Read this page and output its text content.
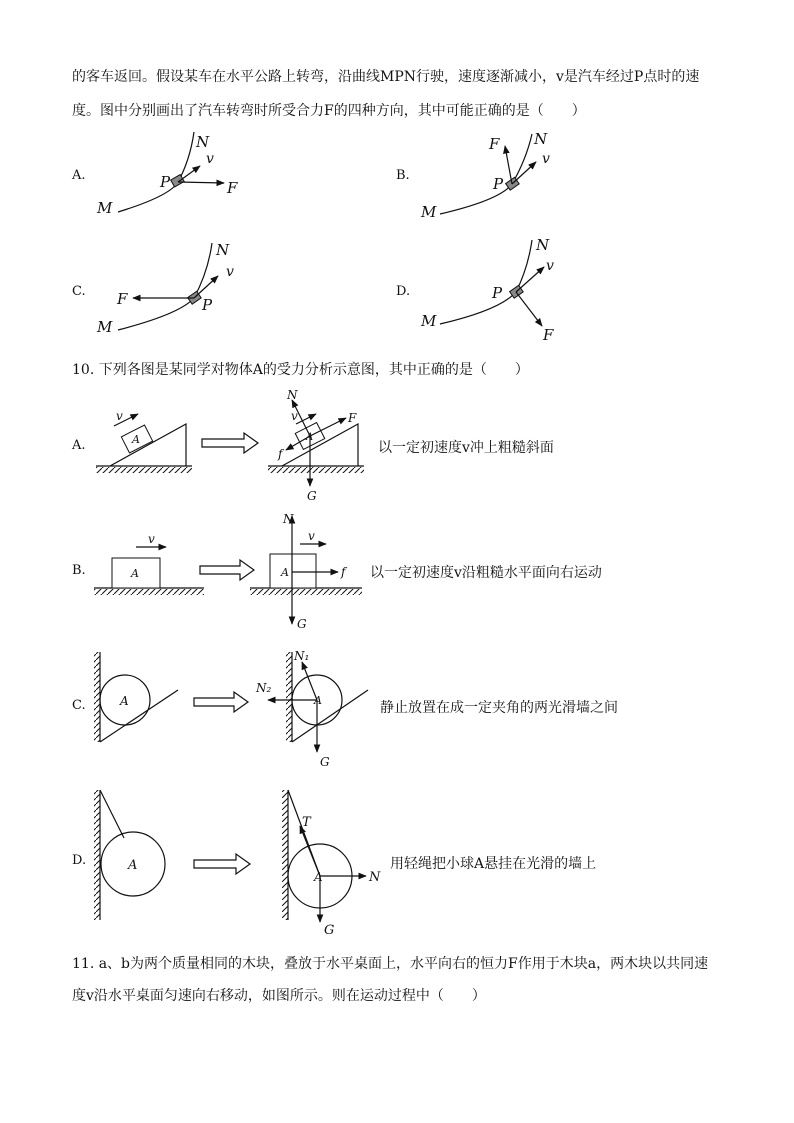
的客车返回。假设某车在水平公路上转弯，沿曲线MPN行驶，速度逐渐减小，v是汽车经过P点时的速
度。图中分别画出了汽车转弯时所受合力F的四种方向，其中可能正确的是（　　）
A.	B.
C.	D.
M
N
v
P	F
M
N
v
P
F
M
N
v
P
F
M
N
v
P
F
A
v
N
v	F
f
G
A
A
v
N
v
f
G
A
A
N₁
N₂
G
A
A
T
N
G
A
10. 下列各图是某同学对物体A的受力分析示意图，其中正确的是（　　）
A.
B.
C.
D.
以一定初速度v冲上粗糙斜面
以一定初速度v沿粗糙水平面向右运动
静止放置在成一定夹角的两光滑墙之间
用轻绳把小球A悬挂在光滑的墙上
11. a、b为两个质量相同的木块，叠放于水平桌面上，水平向右的恒力F作用于木块a，两木块以共同速
度v沿水平桌面匀速向右移动，如图所示。则在运动过程中（　　）
